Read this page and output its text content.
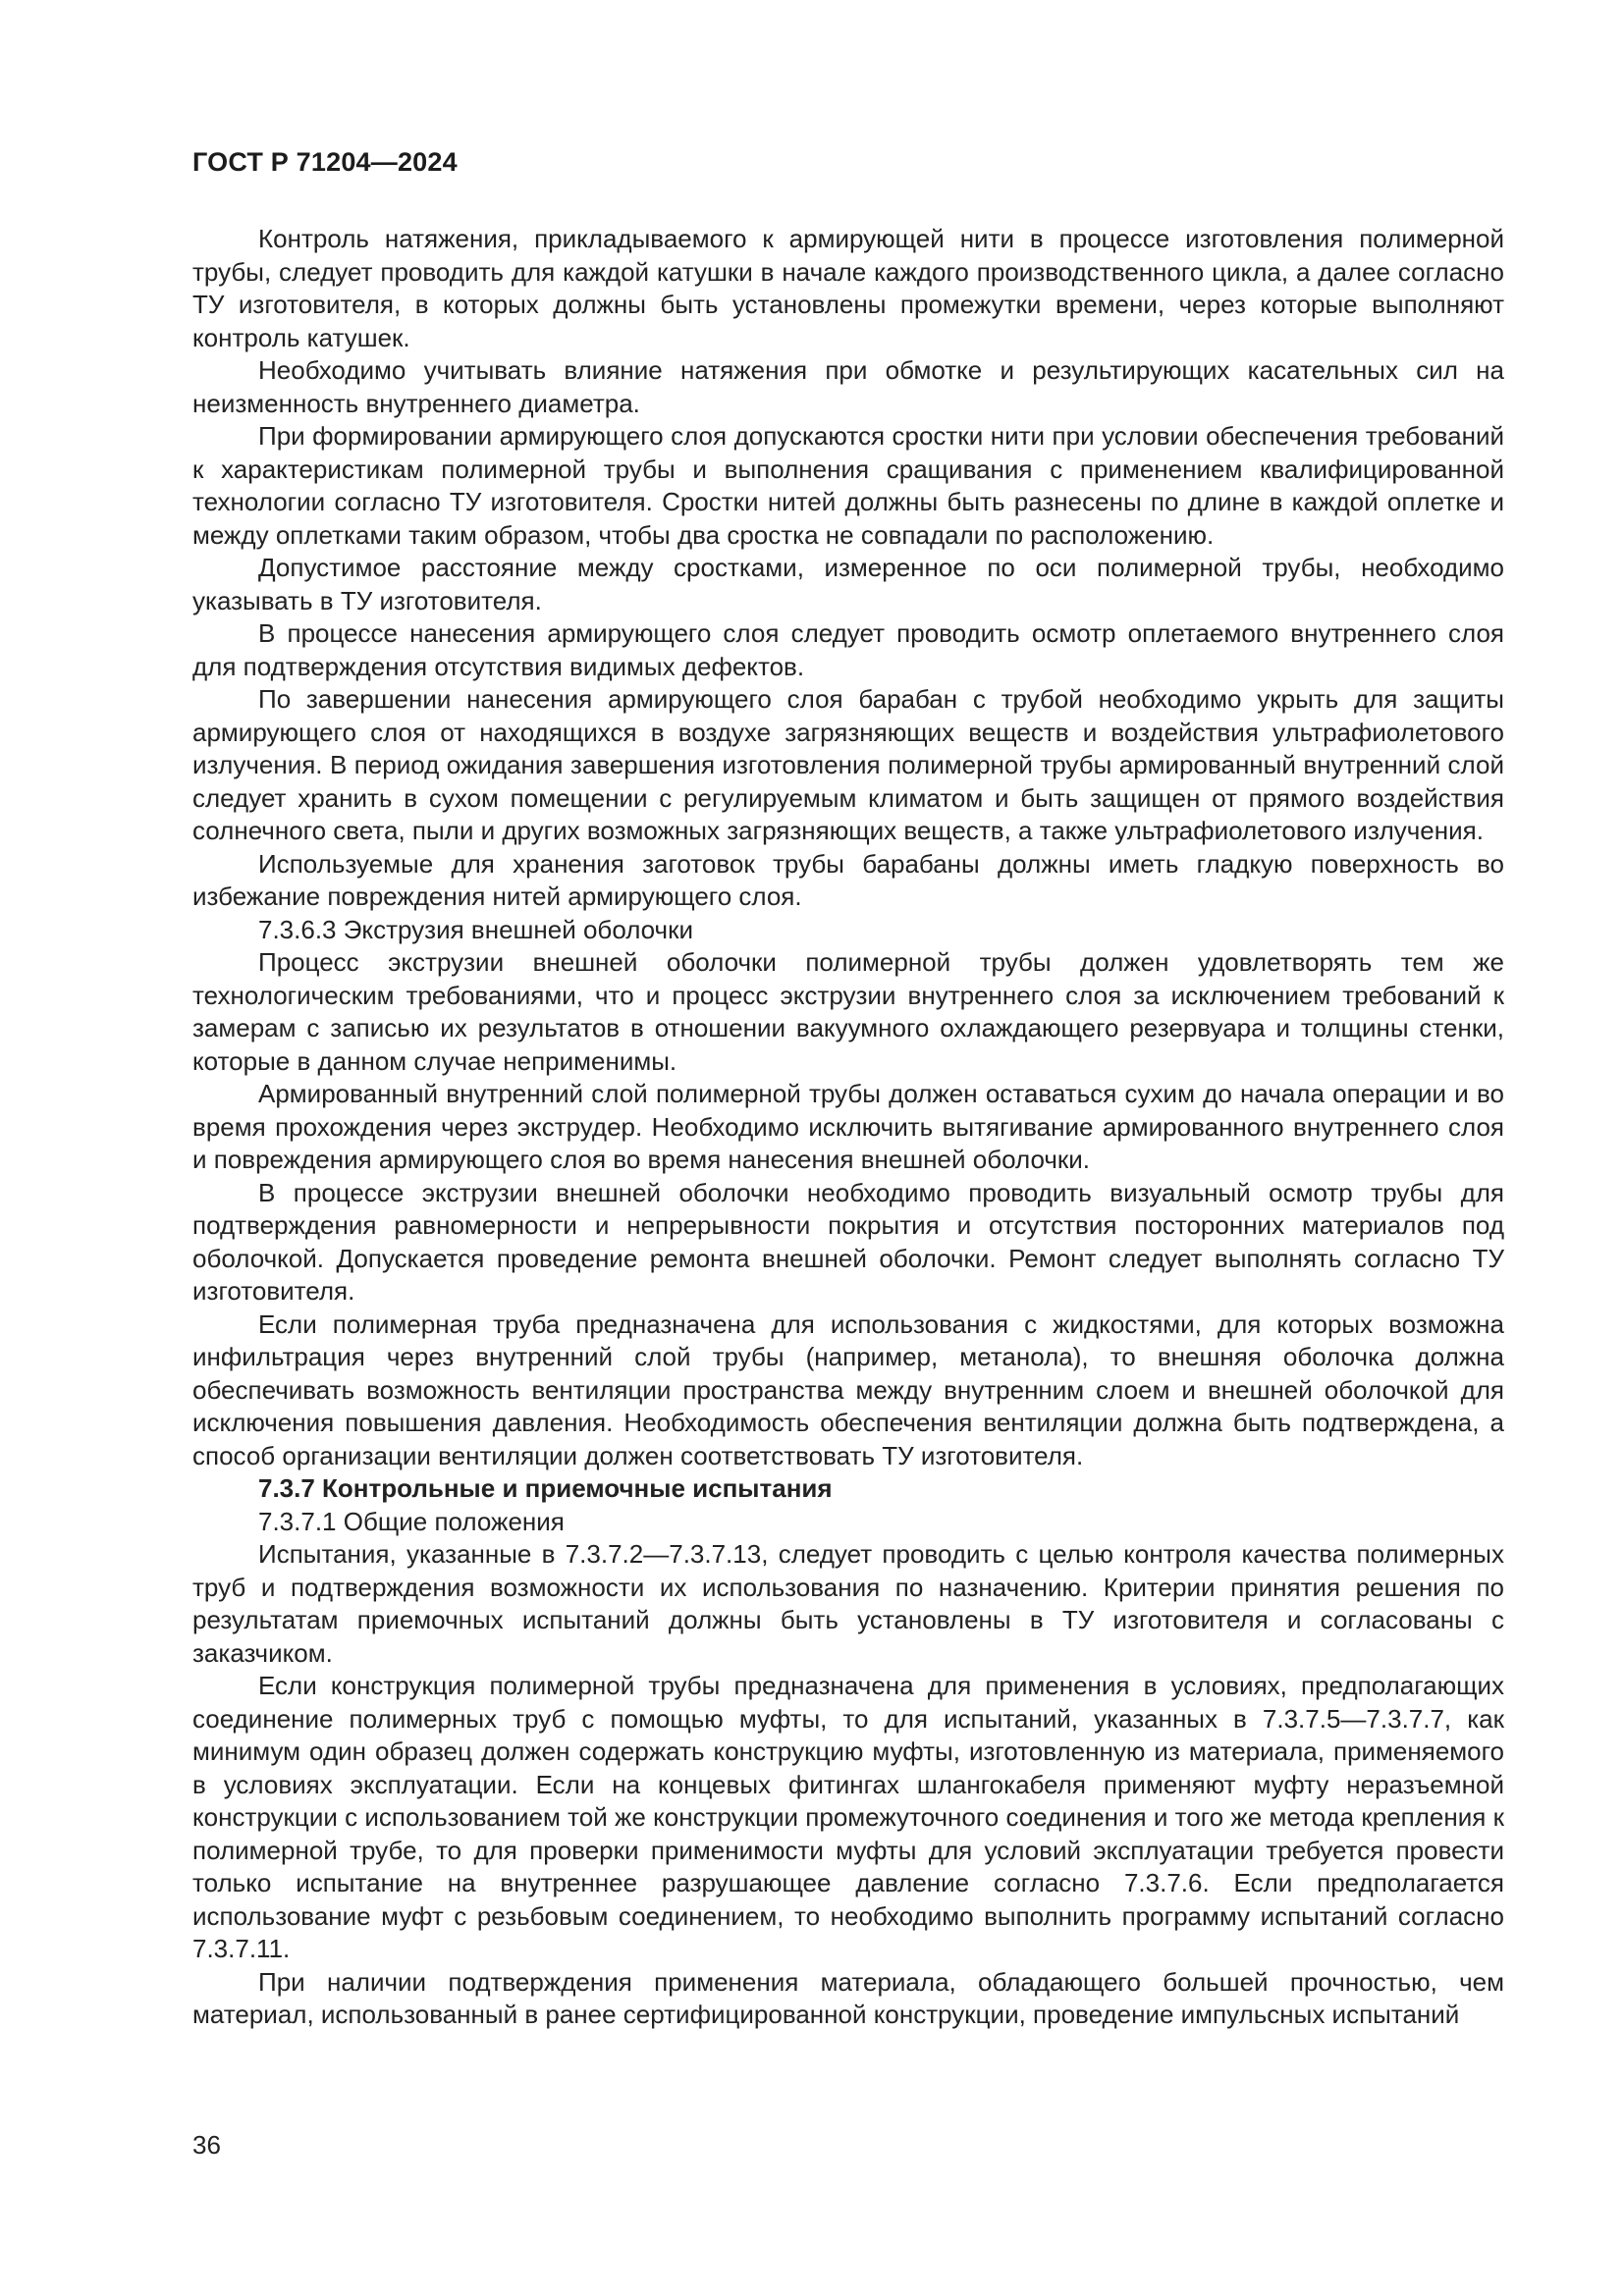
ГОСТ Р 71204—2024

Контроль натяжения, прикладываемого к армирующей нити в процессе изготовления полимерной трубы, следует проводить для каждой катушки в начале каждого производственного цикла, а далее согласно ТУ изготовителя, в которых должны быть установлены промежутки времени, через которые выполняют контроль катушек.

Необходимо учитывать влияние натяжения при обмотке и результирующих касательных сил на неизменность внутреннего диаметра.

При формировании армирующего слоя допускаются сростки нити при условии обеспечения требований к характеристикам полимерной трубы и выполнения сращивания с применением квалифицированной технологии согласно ТУ изготовителя. Сростки нитей должны быть разнесены по длине в каждой оплетке и между оплетками таким образом, чтобы два сростка не совпадали по расположению.

Допустимое расстояние между сростками, измеренное по оси полимерной трубы, необходимо указывать в ТУ изготовителя.

В процессе нанесения армирующего слоя следует проводить осмотр оплетаемого внутреннего слоя для подтверждения отсутствия видимых дефектов.

По завершении нанесения армирующего слоя барабан с трубой необходимо укрыть для защиты армирующего слоя от находящихся в воздухе загрязняющих веществ и воздействия ультрафиолетового излучения. В период ожидания завершения изготовления полимерной трубы армированный внутренний слой следует хранить в сухом помещении с регулируемым климатом и быть защищен от прямого воздействия солнечного света, пыли и других возможных загрязняющих веществ, а также ультрафиолетового излучения.

Используемые для хранения заготовок трубы барабаны должны иметь гладкую поверхность во избежание повреждения нитей армирующего слоя.

7.3.6.3 Экструзия внешней оболочки

Процесс экструзии внешней оболочки полимерной трубы должен удовлетворять тем же технологическим требованиями, что и процесс экструзии внутреннего слоя за исключением требований к замерам с записью их результатов в отношении вакуумного охлаждающего резервуара и толщины стенки, которые в данном случае неприменимы.

Армированный внутренний слой полимерной трубы должен оставаться сухим до начала операции и во время прохождения через экструдер. Необходимо исключить вытягивание армированного внутреннего слоя и повреждения армирующего слоя во время нанесения внешней оболочки.

В процессе экструзии внешней оболочки необходимо проводить визуальный осмотр трубы для подтверждения равномерности и непрерывности покрытия и отсутствия посторонних материалов под оболочкой. Допускается проведение ремонта внешней оболочки. Ремонт следует выполнять согласно ТУ изготовителя.

Если полимерная труба предназначена для использования с жидкостями, для которых возможна инфильтрация через внутренний слой трубы (например, метанола), то внешняя оболочка должна обеспечивать возможность вентиляции пространства между внутренним слоем и внешней оболочкой для исключения повышения давления. Необходимость обеспечения вентиляции должна быть подтверждена, а способ организации вентиляции должен соответствовать ТУ изготовителя.

7.3.7 Контрольные и приемочные испытания

7.3.7.1 Общие положения

Испытания, указанные в 7.3.7.2—7.3.7.13, следует проводить с целью контроля качества полимерных труб и подтверждения возможности их использования по назначению. Критерии принятия решения по результатам приемочных испытаний должны быть установлены в ТУ изготовителя и согласованы с заказчиком.

Если конструкция полимерной трубы предназначена для применения в условиях, предполагающих соединение полимерных труб с помощью муфты, то для испытаний, указанных в 7.3.7.5—7.3.7.7, как минимум один образец должен содержать конструкцию муфты, изготовленную из материала, применяемого в условиях эксплуатации. Если на концевых фитингах шлангокабеля применяют муфту неразъемной конструкции с использованием той же конструкции промежуточного соединения и того же метода крепления к полимерной трубе, то для проверки применимости муфты для условий эксплуатации требуется провести только испытание на внутреннее разрушающее давление согласно 7.3.7.6. Если предполагается использование муфт с резьбовым соединением, то необходимо выполнить программу испытаний согласно 7.3.7.11.

При наличии подтверждения применения материала, обладающего большей прочностью, чем материал, использованный в ранее сертифицированной конструкции, проведение импульсных испытаний

36
